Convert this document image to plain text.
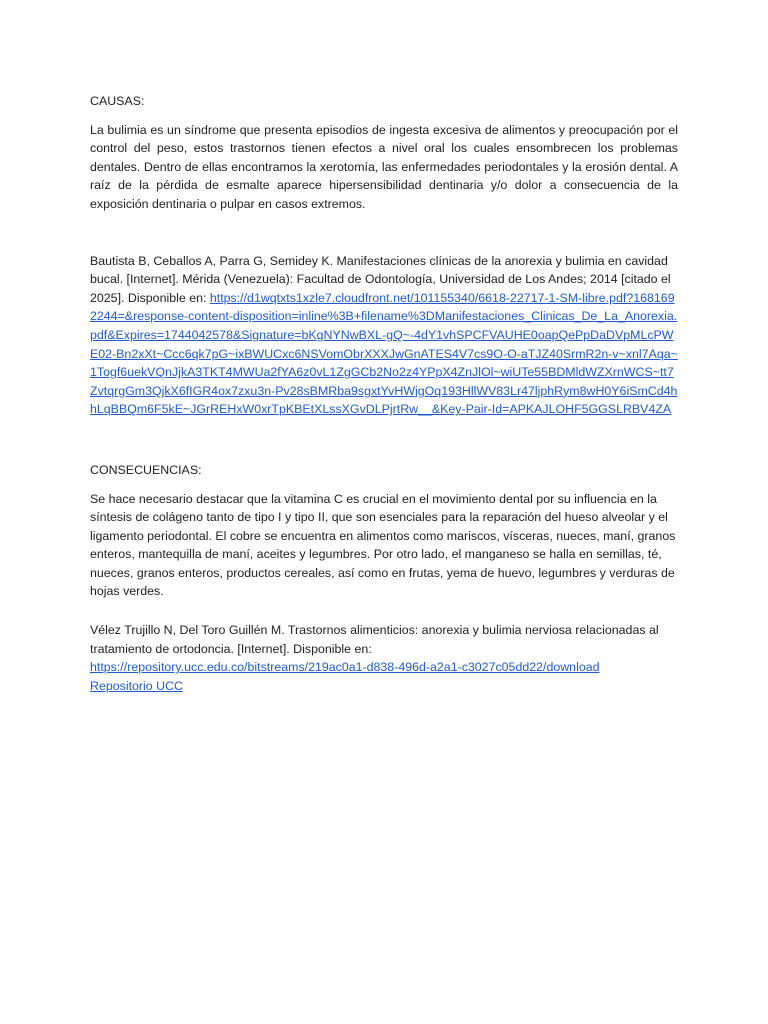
CAUSAS:

La bulimia es un síndrome que presenta episodios de ingesta excesiva de alimentos y preocupación por el control del peso, estos trastornos tienen efectos a nivel oral los cuales ensombrecen los problemas dentales. Dentro de ellas encontramos la xerotomía, las enfermedades periodontales y la erosión dental. A raíz de la pérdida de esmalte aparece hipersensibilidad dentinaria y/o dolor a consecuencia de la exposición dentinaria o pulpar en casos extremos.

Bautista B, Ceballos A, Parra G, Semidey K. Manifestaciones clínicas de la anorexia y bulimia en cavidad bucal. [Internet]. Mérida (Venezuela): Facultad de Odontología, Universidad de Los Andes; 2014 [citado el 2025]. Disponible en: https://d1wqtxts1xzle7.cloudfront.net/101155340/6618-22717-1-SM-libre.pdf?1681692244=&response-content-disposition=inline%3B+filename%3DManifestaciones_Clinicas_De_La_Anorexia.pdf&Expires=1744042578&Signature=bKgNYNwBXL-gQ~-4dY1vhSPCFVAUHE0oapQePpDaDVpMLcPWE02-Bn2xXt~Ccc6qk7pG~ixBWUCxc6NSVomObrXXXJwGnATES4V7cs9O-O-aTJZ40SrmR2n-v~xnl7Aqa~1Togf6uekVQnJjkA3TKT4MWUa2fYA6z0vL1ZgGCb2No2z4YPpX4ZnJlOl~wiUTe55BDMldWZXrnWCS~tt7ZvtqrgGm3QjkX6fIGR4ox7zxu3n-Pv28sBMRba9sgxtYvHWjgOq193HllWV83Lr47ljphRym8wH0Y6iSmCd4hhLqBBQm6F5kE~JGrREHxW0xrTpKBEtXLssXGvDLPjrtRw__&Key-Pair-Id=APKAJLOHF5GGSLRBV4ZA

CONSECUENCIAS:

Se hace necesario destacar que la vitamina C es crucial en el movimiento dental por su influencia en la síntesis de colágeno tanto de tipo I y tipo II, que son esenciales para la reparación del hueso alveolar y el ligamento periodontal. El cobre se encuentra en alimentos como mariscos, vísceras, nueces, maní, granos enteros, mantequilla de maní, aceites y legumbres. Por otro lado, el manganeso se halla en semillas, té, nueces, granos enteros, productos cereales, así como en frutas, yema de huevo, legumbres y verduras de hojas verdes.

Vélez Trujillo N, Del Toro Guillén M. Trastornos alimenticios: anorexia y bulimia nerviosa relacionadas al tratamiento de ortodoncia. [Internet]. Disponible en:
https://repository.ucc.edu.co/bitstreams/219ac0a1-d838-496d-a2a1-c3027c05dd22/download
Repositorio UCC
